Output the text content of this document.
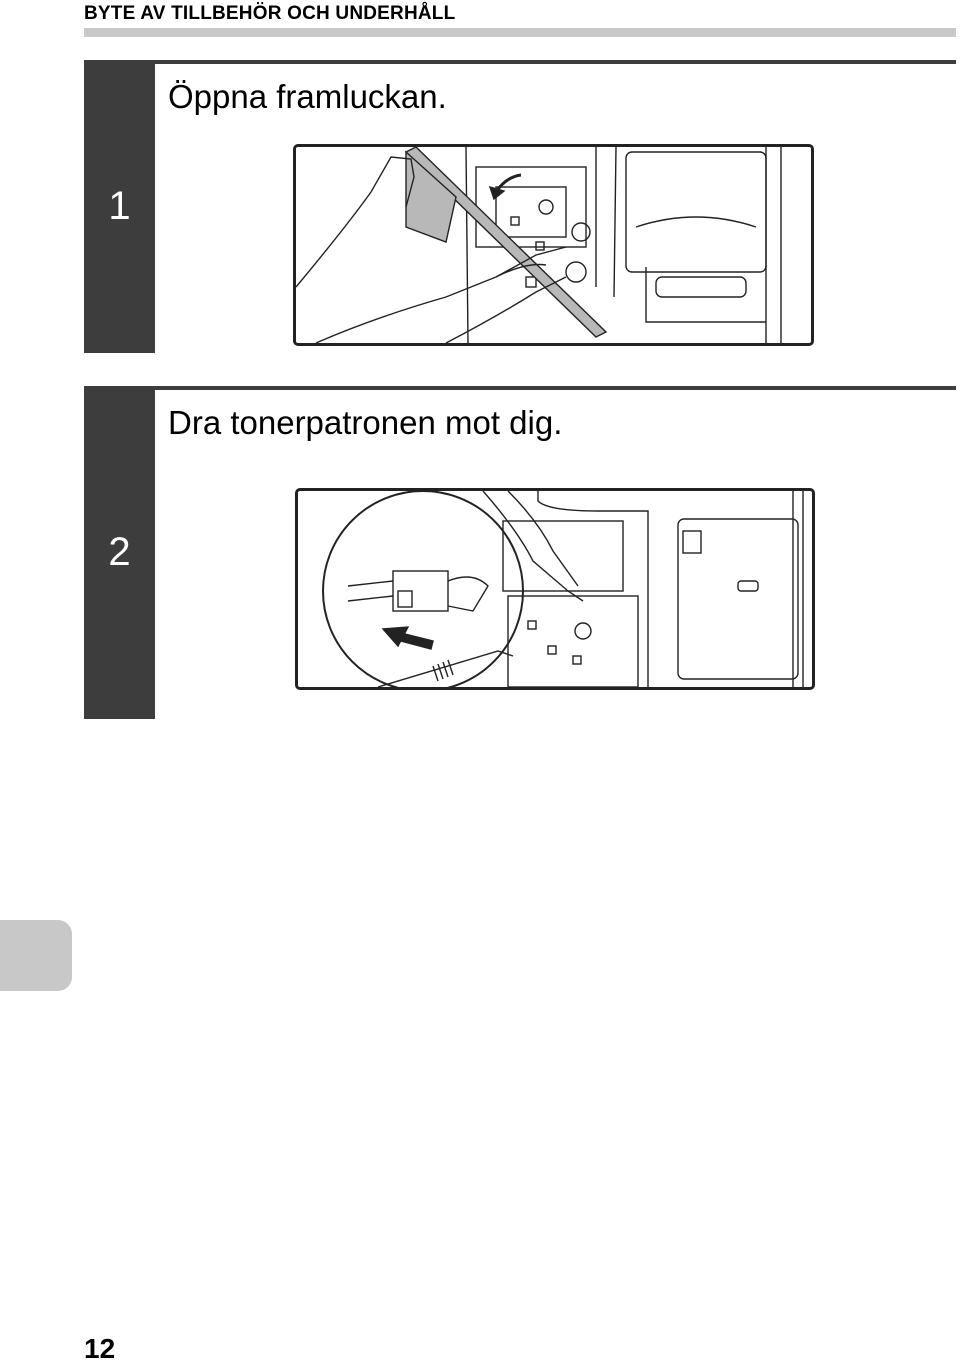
BYTE AV TILLBEHÖR OCH UNDERHÅLL
1
Öppna framluckan.
2
Dra tonerpatronen mot dig.
12
